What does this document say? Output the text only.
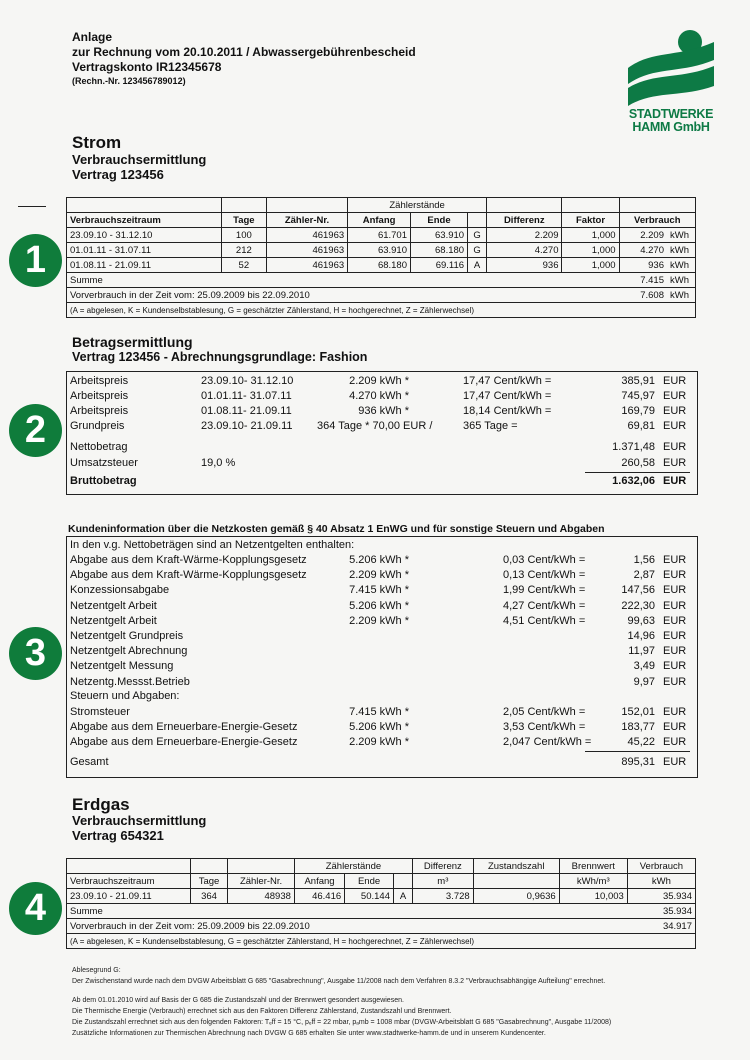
Anlage
zur Rechnung vom 20.10.2011 / Abwassergebührenbescheid
Vertragskonto IR12345678
(Rechn.-Nr. 123456789012)
STADTWERKE
HAMM GmbH
Strom
Verbrauchsermittlung
Vertrag 123456
			Zählerstände						
Verbrauchszeitraum	Tage	Zähler-Nr.	Anfang	Ende		Differenz	Faktor	Verbrauch	
23.09.10 - 31.12.10	100	461963	61.701	63.910	G	2.209	1,000	2.209	kWh
01.01.11 - 31.07.11	212	461963	63.910	68.180	G	4.270	1,000	4.270	kWh
01.08.11 - 21.09.11	52	461963	68.180	69.116	A	936	1,000	936	kWh
Summe								7.415	kWh
Vorverbrauch in der Zeit vom: 25.09.2009 bis 22.09.2010								7.608	kWh
(A = abgelesen, K = Kundenselbstablesung, G = geschätzter Zählerstand, H = hochgerechnet, Z = Zählerwechsel)									
Betragsermittlung
Vertrag 123456 - Abrechnungsgrundlage: Fashion
Arbeitspreis	23.09.10- 31.12.10	2.209 kWh *	17,47 Cent/kWh =	385,91 EUR
Arbeitspreis	01.01.11- 31.07.11	4.270 kWh *	17,47 Cent/kWh =	745,97 EUR
Arbeitspreis	01.08.11- 21.09.11	936 kWh *	18,14 Cent/kWh =	169,79 EUR
Grundpreis	23.09.10- 21.09.11 364 Tage * 70,00 EUR /	365 Tage =	69,81 EUR
Nettobetrag	1.371,48 EUR
Umsatzsteuer	19,0 %	260,58 EUR
Bruttobetrag	1.632,06 EUR
Kundeninformation über die Netzkosten gemäß § 40 Absatz 1 EnWG und für sonstige Steuern und Abgaben
In den v.g. Nettobeträgen sind an Netzentgelten enthalten:
Abgabe aus dem Kraft-Wärme-Kopplungsgesetz	5.206 kWh *	0,03 Cent/kWh =	1,56 EUR
Abgabe aus dem Kraft-Wärme-Kopplungsgesetz	2.209 kWh *	0,13 Cent/kWh =	2,87 EUR
Konzessionsabgabe	7.415 kWh *	1,99 Cent/kWh =	147,56 EUR
Netzentgelt Arbeit	5.206 kWh *	4,27 Cent/kWh =	222,30 EUR
Netzentgelt Arbeit	2.209 kWh *	4,51 Cent/kWh =	99,63 EUR
Netzentgelt Grundpreis	14,96 EUR
Netzentgelt Abrechnung	11,97 EUR
Netzentgelt Messung	3,49 EUR
Netzentg.Messst.Betrieb	9,97 EUR
Steuern und Abgaben:
Stromsteuer	7.415 kWh *	2,05 Cent/kWh =	152,01 EUR
Abgabe aus dem Erneuerbare-Energie-Gesetz	5.206 kWh *	3,53 Cent/kWh =	183,77 EUR
Abgabe aus dem Erneuerbare-Energie-Gesetz	2.209 kWh *	2,047 Cent/kWh =	45,22 EUR
Gesamt	895,31 EUR
Erdgas
Verbrauchsermittlung
Vertrag 654321
			Zählerstände			Differenz	Zustandszahl	Brennwert	Verbrauch
Verbrauchszeitraum	Tage	Zähler-Nr.	Anfang	Ende		m³		kWh/m³	kWh
23.09.10 - 21.09.11	364	48938	46.416	50.144	A	3.728	0,9636	10,003	35.934
Summe									35.934
Vorverbrauch in der Zeit vom: 25.09.2009 bis 22.09.2010									34.917
(A = abgelesen, K = Kundenselbstablesung, G = geschätzter Zählerstand, H = hochgerechnet, Z = Zählerwechsel)									
Ablesegrund G:
Der Zwischenstand wurde nach dem DVGW Arbeitsblatt G 685 "Gasabrechnung", Ausgabe 11/2008 nach dem Verfahren 8.3.2 "Verbrauchsabhängige Aufteilung" errechnet.
Ab dem 01.01.2010 wird auf Basis der G 685 die Zustandszahl und der Brennwert gesondert ausgewiesen.
Die Thermische Energie (Verbrauch) errechnet sich aus den Faktoren Differenz Zählerstand, Zustandszahl und Brennwert.
Die Zustandszahl errechnet sich aus den folgenden Faktoren: Tₑff = 15 °C, pₑff = 22 mbar, pₐmb = 1008 mbar (DVGW-Arbeitsblatt G 685 "Gasabrechnung", Ausgabe 11/2008)
Zusätzliche Informationen zur Thermischen Abrechnung nach DVGW G 685 erhalten Sie unter www.stadtwerke-hamm.de und in unserem Kundencenter.
1
2
3
4
